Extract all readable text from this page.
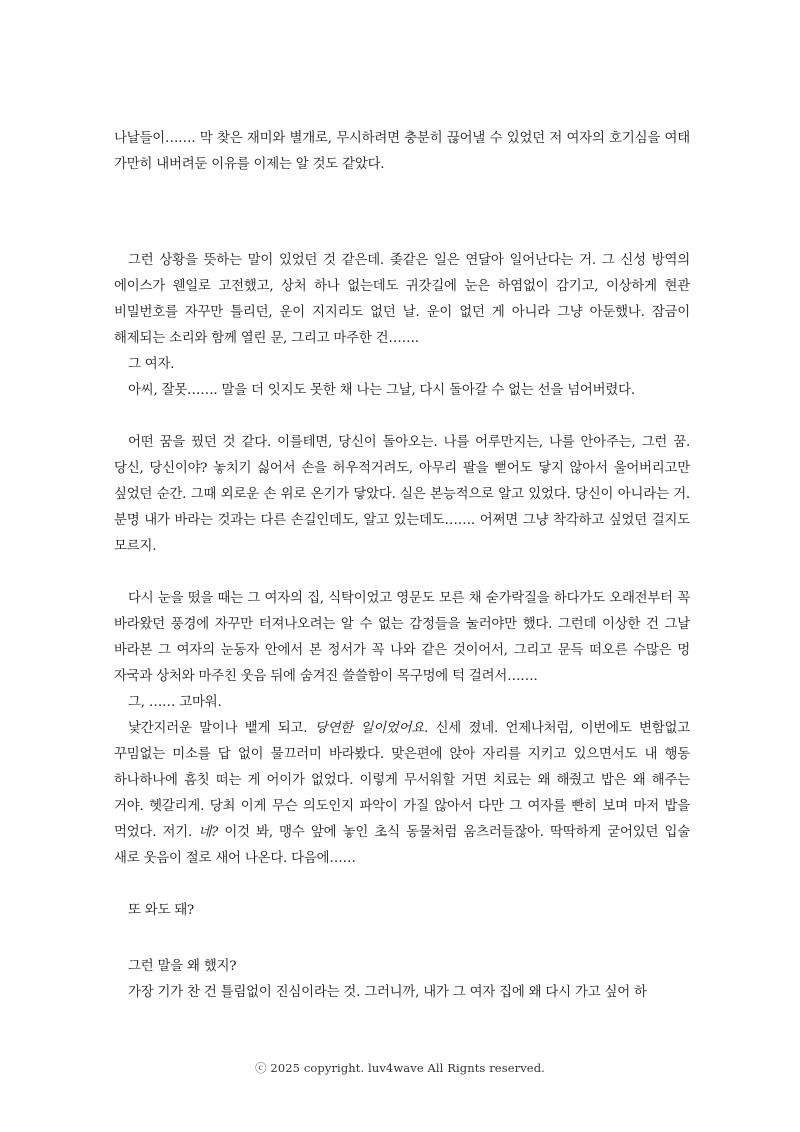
나날들이……. 막 찾은 재미와 별개로, 무시하려면 충분히 끊어낼 수 있었던 저 여자의 호기심을 여태 가만히 내버려둔 이유를 이제는 알 것도 같았다.

그런 상황을 뜻하는 말이 있었던 것 같은데. 좆같은 일은 연달아 일어난다는 거. 그 신성 방역의 에이스가 웬일로 고전했고, 상처 하나 없는데도 귀갓길에 눈은 하염없이 감기고, 이상하게 현관 비밀번호를 자꾸만 틀리던, 운이 지지리도 없던 날. 운이 없던 게 아니라 그냥 아둔했나. 잠금이 해제되는 소리와 함께 열린 문, 그리고 마주한 건…….

그 여자.

아씨, 잘못……. 말을 더 잇지도 못한 채 나는 그날, 다시 돌아갈 수 없는 선을 넘어버렸다.

어떤 꿈을 꿨던 것 같다. 이를테면, 당신이 돌아오는. 나를 어루만지는, 나를 안아주는, 그런 꿈. 당신, 당신이야? 놓치기 싫어서 손을 허우적거려도, 아무리 팔을 뻗어도 닿지 않아서 울어버리고만 싶었던 순간. 그때 외로운 손 위로 온기가 닿았다. 실은 본능적으로 알고 있었다. 당신이 아니라는 거. 분명 내가 바라는 것과는 다른 손길인데도, 알고 있는데도……. 어쩌면 그냥 착각하고 싶었던 걸지도 모르지.

다시 눈을 떴을 때는 그 여자의 집, 식탁이었고 영문도 모른 채 숟가락질을 하다가도 오래전부터 꼭 바라왔던 풍경에 자꾸만 터져나오려는 알 수 없는 감정들을 눌러야만 했다. 그런데 이상한 건 그날 바라본 그 여자의 눈동자 안에서 본 정서가 꼭 나와 같은 것이어서, 그리고 문득 떠오른 수많은 멍 자국과 상처와 마주친 웃음 뒤에 숨겨진 쓸쓸함이 목구멍에 턱 걸려서…….

그, …… 고마워.

낯간지러운 말이나 뱉게 되고. 당연한 일이었어요. 신세 졌네. 언제나처럼, 이번에도 변함없고 꾸밈없는 미소를 답 없이 물끄러미 바라봤다. 맞은편에 앉아 자리를 지키고 있으면서도 내 행동 하나하나에 흠칫 떠는 게 어이가 없었다. 이렇게 무서워할 거면 치료는 왜 해줬고 밥은 왜 해주는 거야. 헷갈리게. 당최 이게 무슨 의도인지 파악이 가질 않아서 다만 그 여자를 빤히 보며 마저 밥을 먹었다. 저기. 네? 이것 봐, 맹수 앞에 놓인 초식 동물처럼 움츠러들잖아. 딱딱하게 굳어있던 입술 새로 웃음이 절로 새어 나온다. 다음에……

또 와도 돼?

그런 말을 왜 했지?

가장 기가 찬 건 틀림없이 진심이라는 것. 그러니까, 내가 그 여자 집에 왜 다시 가고 싶어 하

ⓒ 2025 copyright. luv4wave All Rignts reserved.
